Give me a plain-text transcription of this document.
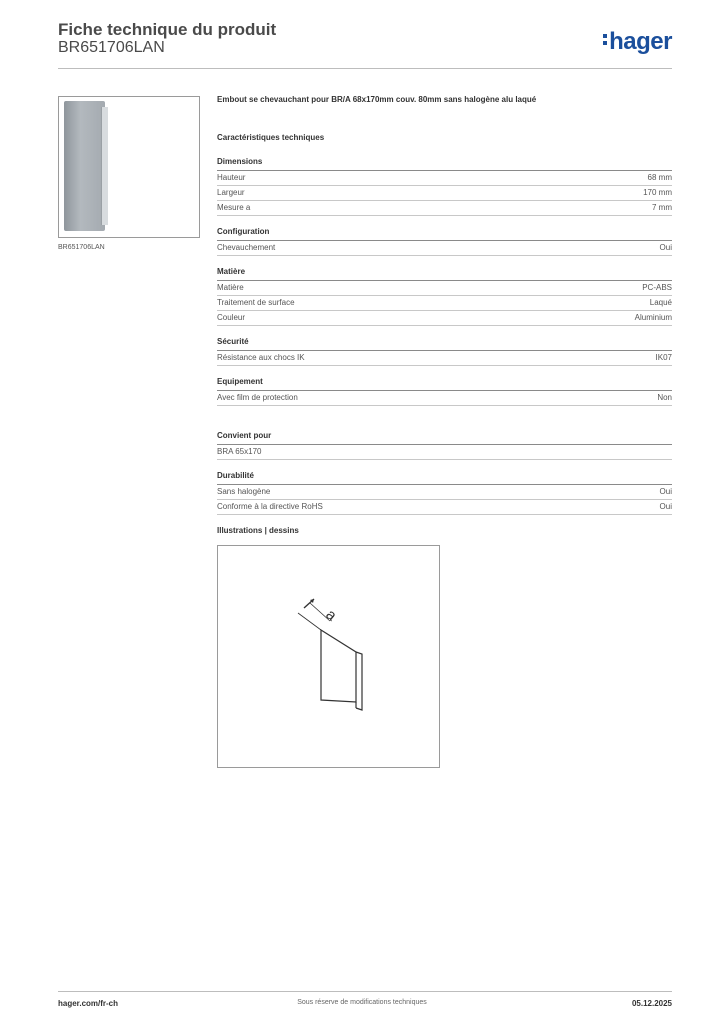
Fiche technique du produit
BR651706LAN	hager
BR651706LAN

Embout se chevauchant pour BR/A 68x170mm couv. 80mm sans halogène alu laqué

Caractéristiques techniques

Dimensions
Hauteur	68 mm
Largeur	170 mm
Mesure a	7 mm
Configuration
Chevauchement	Oui
Matière
Matière	PC-ABS
Traitement de surface	Laqué
Couleur	Aluminium
Sécurité
Résistance aux chocs IK	IK07
Equipement
Avec film de protection	Non
Convient pour
BRA 65x170
Durabilité
Sans halogène	Oui
Conforme à la directive RoHS	Oui
Illustrations | dessins
a
hager.com/fr-ch	Sous réserve de modifications techniques	05.12.2025
